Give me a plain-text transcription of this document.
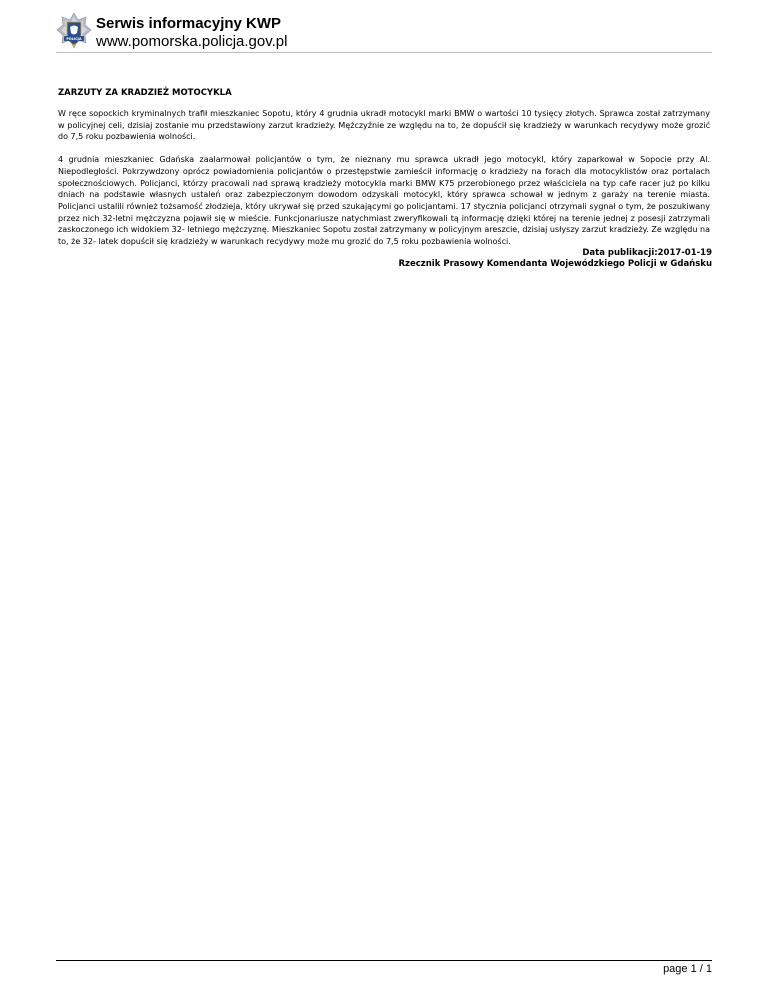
POLICJA
Serwis informacyjny KWP
www.pomorska.policja.gov.pl
ZARZUTY ZA KRADZIEŻ MOTOCYKLA

W ręce sopockich kryminalnych trafił mieszkaniec Sopotu, który 4 grudnia ukradł motocykl marki BMW o wartości 10 tysięcy złotych. Sprawca został zatrzymany w policyjnej celi, dzisiaj zostanie mu przedstawiony zarzut kradzieży. Mężczyźnie ze względu na to, że dopuścił się kradzieży w warunkach recydywy może grozić do 7,5 roku pozbawienia wolności.

4 grudnia mieszkaniec Gdańska zaalarmował policjantów o tym, że nieznany mu sprawca ukradł jego motocykl, który zaparkował w Sopocie przy Al. Niepodległości. Pokrzywdzony oprócz powiadomienia policjantów o przestępstwie zamieścił informację o kradzieży na forach dla motocyklistów oraz portalach społecznościowych. Policjanci, którzy pracowali nad sprawą kradzieży motocykla marki BMW K75 przerobionego przez właściciela na typ cafe racer już po kilku dniach na podstawie własnych ustaleń oraz zabezpieczonym dowodom odzyskali motocykl, który sprawca schował w jednym z garaży na terenie miasta. Policjanci ustalili również tożsamość złodzieja, który ukrywał się przed szukającymi go policjantami. 17 stycznia policjanci otrzymali sygnał o tym, że poszukiwany przez nich 32-letni mężczyzna pojawił się w mieście. Funkcjonariusze natychmiast zweryfikowali tą informację dzięki której na terenie jednej z posesji zatrzymali zaskoczonego ich widokiem 32- letniego mężczyznę. Mieszkaniec Sopotu został zatrzymany w policyjnym areszcie, dzisiaj usłyszy zarzut kradzieży. Ze względu na to, że 32- latek dopuścił się kradzieży w warunkach recydywy może mu grozić do 7,5 roku pozbawienia wolności.

Data publikacji:2017-01-19
Rzecznik Prasowy Komendanta Wojewódzkiego Policji w Gdańsku
page 1 / 1
